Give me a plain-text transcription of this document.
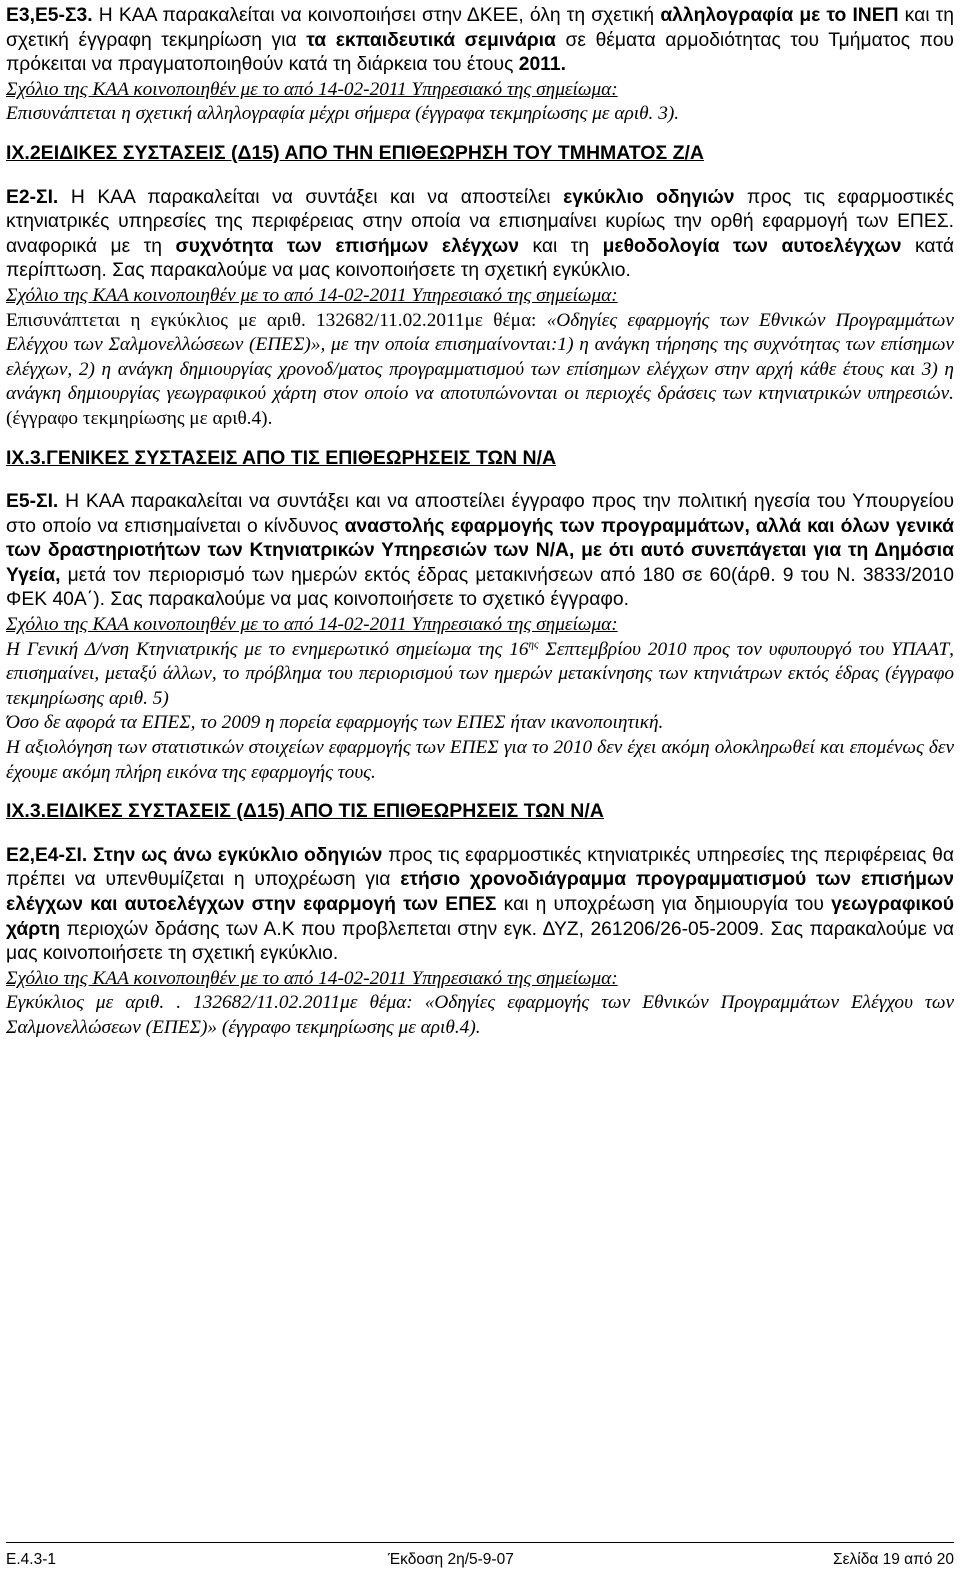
Ε3,Ε5-Σ3. Η ΚΑΑ παρακαλείται να κοινοποιήσει στην ΔΚΕΕ, όλη τη σχετική αλληλογραφία με το ΙΝΕΠ και τη σχετική έγγραφη τεκμηρίωση για τα εκπαιδευτικά σεμινάρια σε θέματα αρμοδιότητας του Τμήματος που πρόκειται να πραγματοποιηθούν κατά τη διάρκεια του έτους 2011.

Σχόλιο της ΚΑΑ κοινοποιηθέν με το από 14-02-2011 Υπηρεσιακό της σημείωμα:

Επισυνάπτεται η σχετική αλληλογραφία μέχρι σήμερα (έγγραφα τεκμηρίωσης με αριθ. 3).

ΙΧ.2ΕΙΔΙΚΕΣ ΣΥΣΤΑΣΕΙΣ (Δ15) ΑΠΟ ΤΗΝ ΕΠΙΘΕΩΡΗΣΗ ΤΟΥ ΤΜΗΜΑΤΟΣ Ζ/Α

Ε2-ΣΙ. Η ΚΑΑ παρακαλείται να συντάξει και να αποστείλει εγκύκλιο οδηγιών προς τις εφαρμοστικές κτηνιατρικές υπηρεσίες της περιφέρειας στην οποία να επισημαίνει κυρίως την ορθή εφαρμογή των ΕΠΕΣ. αναφορικά με τη συχνότητα των επισήμων ελέγχων και τη μεθοδολογία των αυτοελέγχων κατά περίπτωση. Σας παρακαλούμε να μας κοινοποιήσετε τη σχετική εγκύκλιο.

Σχόλιο της ΚΑΑ κοινοποιηθέν με το από 14-02-2011 Υπηρεσιακό της σημείωμα:

Επισυνάπτεται η εγκύκλιος με αριθ. 132682/11.02.2011με θέμα: «Οδηγίες εφαρμογής των Εθνικών Προγραμμάτων Ελέγχου των Σαλμονελλώσεων (ΕΠΕΣ)», με την οποία επισημαίνονται:1) η ανάγκη τήρησης της συχνότητας των επίσημων ελέγχων, 2) η ανάγκη δημιουργίας χρονοδ/ματος προγραμματισμού των επίσημων ελέγχων στην αρχή κάθε έτους και 3) η ανάγκη δημιουργίας γεωγραφικού χάρτη στον οποίο να αποτυπώνονται οι περιοχές δράσεις των κτηνιατρικών υπηρεσιών. (έγγραφο τεκμηρίωσης με αριθ.4).

ΙΧ.3.ΓΕΝΙΚΕΣ ΣΥΣΤΑΣΕΙΣ ΑΠΟ ΤΙΣ ΕΠΙΘΕΩΡΗΣΕΙΣ ΤΩΝ Ν/Α

Ε5-ΣΙ. Η ΚΑΑ παρακαλείται να συντάξει και να αποστείλει έγγραφο προς την πολιτική ηγεσία του Υπουργείου στο οποίο να επισημαίνεται ο κίνδυνος αναστολής εφαρμογής των προγραμμάτων, αλλά και όλων γενικά των δραστηριοτήτων των Κτηνιατρικών Υπηρεσιών των Ν/Α, με ότι αυτό συνεπάγεται για τη Δημόσια Υγεία, μετά τον περιορισμό των ημερών εκτός έδρας μετακινήσεων από 180 σε 60(άρθ. 9 του Ν. 3833/2010 ΦΕΚ 40Α΄). Σας παρακαλούμε να μας κοινοποιήσετε το σχετικό έγγραφο.

Σχόλιο της ΚΑΑ κοινοποιηθέν με το από 14-02-2011 Υπηρεσιακό της σημείωμα:

Η Γενική Δ/νση Κτηνιατρικής με το ενημερωτικό σημείωμα της $16^{\eta\varsigma}$ Σεπτεμβρίου 2010 προς τον υφυπουργό του ΥΠΑΑΤ, επισημαίνει, μεταξύ άλλων, το πρόβλημα του περιορισμού των ημερών μετακίνησης των κτηνιάτρων εκτός έδρας (έγγραφο τεκμηρίωσης αριθ. 5)

Όσο δε αφορά τα ΕΠΕΣ, το 2009 η πορεία εφαρμογής των ΕΠΕΣ ήταν ικανοποιητική.

Η αξιολόγηση των στατιστικών στοιχείων εφαρμογής των ΕΠΕΣ για το 2010 δεν έχει ακόμη ολοκληρωθεί και επομένως δεν έχουμε ακόμη πλήρη εικόνα της εφαρμογής τους.

ΙΧ.3.ΕΙΔΙΚΕΣ ΣΥΣΤΑΣΕΙΣ (Δ15) ΑΠΟ ΤΙΣ ΕΠΙΘΕΩΡΗΣΕΙΣ ΤΩΝ Ν/Α

Ε2,Ε4-ΣΙ. Στην ως άνω εγκύκλιο οδηγιών προς τις εφαρμοστικές κτηνιατρικές υπηρεσίες της περιφέρειας θα πρέπει να υπενθυμίζεται η υποχρέωση για ετήσιο χρονοδιάγραμμα προγραμματισμού των επισήμων ελέγχων και αυτοελέγχων στην εφαρμογή των ΕΠΕΣ και η υποχρέωση για δημιουργία του γεωγραφικού χάρτη περιοχών δράσης των Α.Κ που προβλεπεται στην εγκ. ΔΥΖ, 261206/26-05-2009. Σας παρακαλούμε να μας κοινοποιήσετε τη σχετική εγκύκλιο.

Σχόλιο της ΚΑΑ κοινοποιηθέν με το από 14-02-2011 Υπηρεσιακό της σημείωμα:

Εγκύκλιος με αριθ. . 132682/11.02.2011με θέμα: «Οδηγίες εφαρμογής των Εθνικών Προγραμμάτων Ελέγχου των Σαλμονελλώσεων (ΕΠΕΣ)» (έγγραφο τεκμηρίωσης με αριθ.4).

Ε.4.3-1	Έκδοση 2η/5-9-07	Σελίδα 19 από 20
